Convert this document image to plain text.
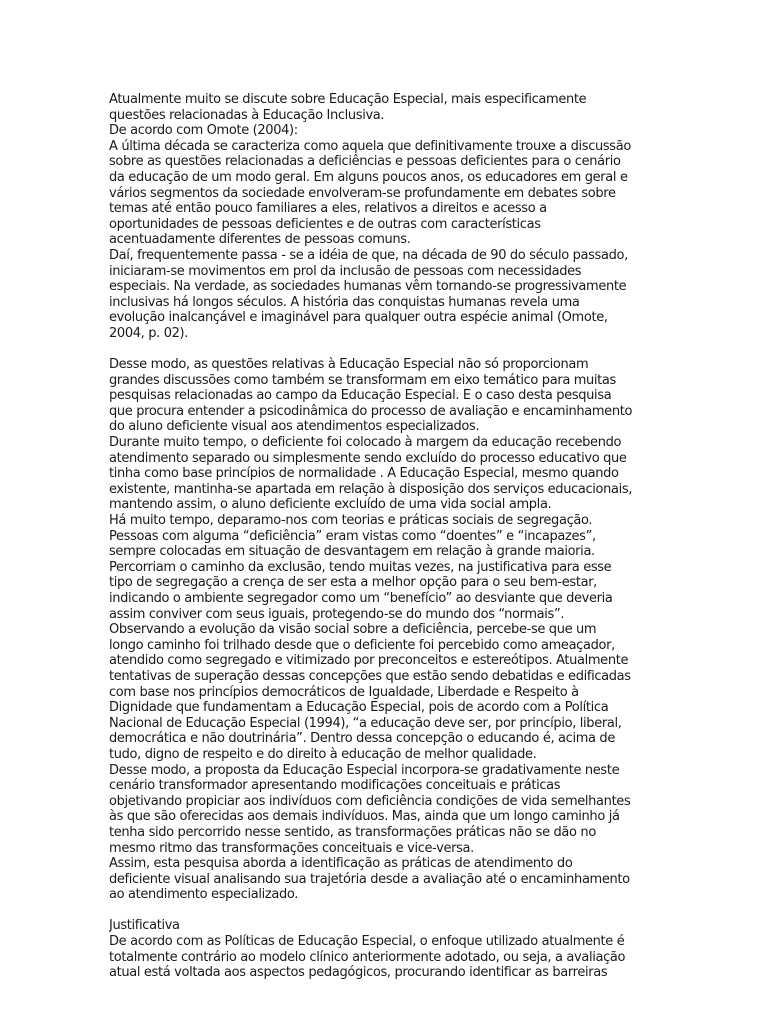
Atualmente muito se discute sobre Educação Especial, mais especificamente
questões relacionadas à Educação Inclusiva.
De acordo com Omote (2004):
A última década se caracteriza como aquela que definitivamente trouxe a discussão
sobre as questões relacionadas a deficiências e pessoas deficientes para o cenário
da educação de um modo geral. Em alguns poucos anos, os educadores em geral e
vários segmentos da sociedade envolveram-se profundamente em debates sobre
temas até então pouco familiares a eles, relativos a direitos e acesso a
oportunidades de pessoas deficientes e de outras com características
acentuadamente diferentes de pessoas comuns.
Daí, frequentemente passa - se a idéia de que, na década de 90 do século passado,
iniciaram-se movimentos em prol da inclusão de pessoas com necessidades
especiais. Na verdade, as sociedades humanas vêm tornando-se progressivamente
inclusivas há longos séculos. A história das conquistas humanas revela uma
evolução inalcançável e imaginável para qualquer outra espécie animal (Omote,
2004, p. 02).
Desse modo, as questões relativas à Educação Especial não só proporcionam
grandes discussões como também se transformam em eixo temático para muitas
pesquisas relacionadas ao campo da Educação Especial. É o caso desta pesquisa
que procura entender a psicodinâmica do processo de avaliação e encaminhamento
do aluno deficiente visual aos atendimentos especializados.
Durante muito tempo, o deficiente foi colocado à margem da educação recebendo
atendimento separado ou simplesmente sendo excluído do processo educativo que
tinha como base princípios de normalidade . A Educação Especial, mesmo quando
existente, mantinha-se apartada em relação à disposição dos serviços educacionais,
mantendo assim, o aluno deficiente excluído de uma vida social ampla.
Há muito tempo, deparamo-nos com teorias e práticas sociais de segregação.
Pessoas com alguma “deficiência” eram vistas como “doentes” e “incapazes”,
sempre colocadas em situação de desvantagem em relação à grande maioria.
Percorriam o caminho da exclusão, tendo muitas vezes, na justificativa para esse
tipo de segregação a crença de ser esta a melhor opção para o seu bem-estar,
indicando o ambiente segregador como um “benefício” ao desviante que deveria
assim conviver com seus iguais, protegendo-se do mundo dos “normais”.
Observando a evolução da visão social sobre a deficiência, percebe-se que um
longo caminho foi trilhado desde que o deficiente foi percebido como ameaçador,
atendido como segregado e vitimizado por preconceitos e estereótipos. Atualmente
tentativas de superação dessas concepções que estão sendo debatidas e edificadas
com base nos princípios democráticos de Igualdade, Liberdade e Respeito à
Dignidade que fundamentam a Educação Especial, pois de acordo com a Política
Nacional de Educação Especial (1994), “a educação deve ser, por princípio, liberal,
democrática e não doutrinária”. Dentro dessa concepção o educando é, acima de
tudo, digno de respeito e do direito à educação de melhor qualidade.
Desse modo, a proposta da Educação Especial incorpora-se gradativamente neste
cenário transformador apresentando modificações conceituais e práticas
objetivando propiciar aos indivíduos com deficiência condições de vida semelhantes
às que são oferecidas aos demais indivíduos. Mas, ainda que um longo caminho já
tenha sido percorrido nesse sentido, as transformações práticas não se dão no
mesmo ritmo das transformações conceituais e vice-versa.
Assim, esta pesquisa aborda a identificação as práticas de atendimento do
deficiente visual analisando sua trajetória desde a avaliação até o encaminhamento
ao atendimento especializado.
Justificativa
De acordo com as Políticas de Educação Especial, o enfoque utilizado atualmente é
totalmente contrário ao modelo clínico anteriormente adotado, ou seja, a avaliação
atual está voltada aos aspectos pedagógicos, procurando identificar as barreiras
